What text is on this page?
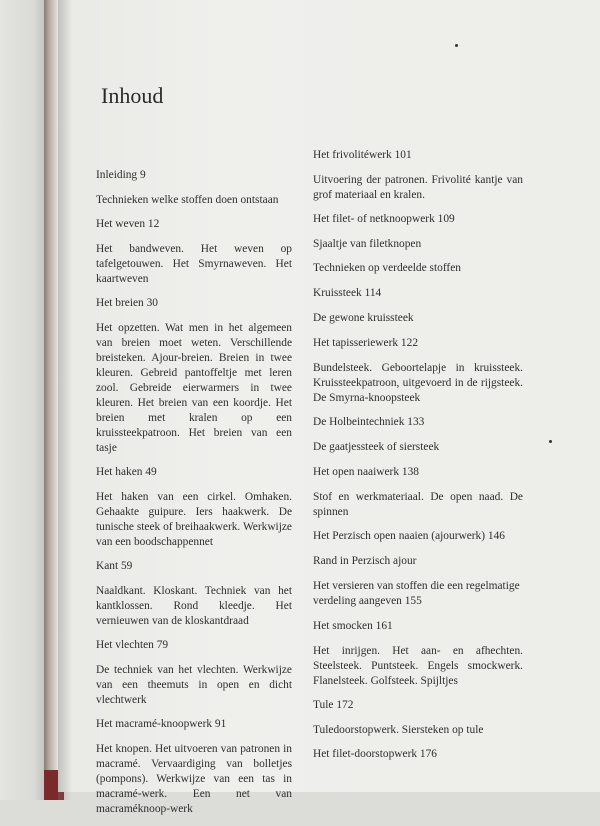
Inhoud

Inleiding 9

Technieken welke stoffen doen ontstaan

Het weven 12

Het bandweven. Het weven op tafelgetouwen. Het Smyrnaweven. Het kaartweven

Het breien 30

Het opzetten. Wat men in het algemeen van breien moet weten. Verschillende breisteken. Ajour-breien. Breien in twee kleuren. Gebreid pantoffeltje met leren zool. Gebreide eierwarmers in twee kleuren. Het breien van een koordje. Het breien met kralen op een kruissteekpatroon. Het breien van een tasje

Het haken 49

Het haken van een cirkel. Omhaken. Gehaakte guipure. Iers haakwerk. De tunische steek of breihaakwerk. Werkwijze van een boodschappennet

Kant 59

Naaldkant. Kloskant. Techniek van het kantklossen. Rond kleedje. Het vernieuwen van de kloskantdraad

Het vlechten 79

De techniek van het vlechten. Werkwijze van een theemuts in open en dicht vlechtwerk

Het macramé-knoopwerk 91

Het knopen. Het uitvoeren van patronen in macramé. Vervaardiging van bolletjes (pompons). Werkwijze van een tas in macramé-werk. Een net van macraméknoop-werk

Het frivolitéwerk 101

Uitvoering der patronen. Frivolité kantje van grof materiaal en kralen.

Het filet- of netknoopwerk 109

Sjaaltje van filetknopen

Technieken op verdeelde stoffen

Kruissteek 114

De gewone kruissteek

Het tapisseriewerk 122

Bundelsteek. Geboortelapje in kruissteek. Kruissteekpatroon, uitgevoerd in de rijgsteek. De Smyrna-knoopsteek

De Holbeintechniek 133

De gaatjessteek of siersteek

Het open naaiwerk 138

Stof en werkmateriaal. De open naad. De spinnen

Het Perzisch open naaien (ajourwerk) 146

Rand in Perzisch ajour

Het versieren van stoffen die een regelmatige verdeling aangeven 155

Het smocken 161

Het inrijgen. Het aan- en afhechten. Steelsteek. Puntsteek. Engels smockwerk. Flanelsteek. Golfsteek. Spijltjes

Tule 172

Tuledoorstopwerk. Siersteken op tule

Het filet-doorstopwerk 176
